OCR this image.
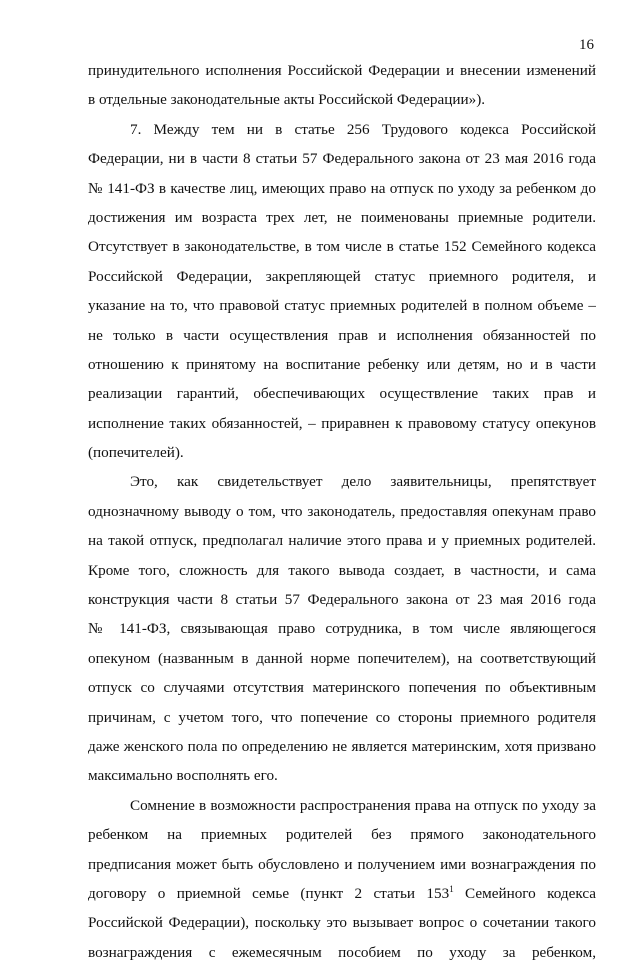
16
принудительного исполнения Российской Федерации и внесении изменений
в отдельные законодательные акты Российской Федерации»).
7. Между тем ни в статье 256 Трудового кодекса Российской
Федерации, ни в части 8 статьи 57 Федерального закона от 23 мая 2016 года
№ 141-ФЗ в качестве лиц, имеющих право на отпуск по уходу за ребенком до
достижения им возраста трех лет, не поименованы приемные родители.
Отсутствует в законодательстве, в том числе в статье 152 Семейного кодекса
Российской Федерации, закрепляющей статус приемного родителя, и
указание на то, что правовой статус приемных родителей в полном объеме –
не только в части осуществления прав и исполнения обязанностей по
отношению к принятому на воспитание ребенку или детям, но и в части
реализации гарантий, обеспечивающих осуществление таких прав и
исполнение таких обязанностей, – приравнен к правовому статусу опекунов
(попечителей).
Это, как свидетельствует дело заявительницы, препятствует
однозначному выводу о том, что законодатель, предоставляя опекунам право
на такой отпуск, предполагал наличие этого права и у приемных родителей.
Кроме того, сложность для такого вывода создает, в частности, и сама
конструкция части 8 статьи 57 Федерального закона от 23 мая 2016 года
№ 141-ФЗ, связывающая право сотрудника, в том числе являющегося
опекуном (названным в данной норме попечителем), на соответствующий
отпуск со случаями отсутствия материнского попечения по объективным
причинам, с учетом того, что попечение со стороны приемного родителя
даже женского пола по определению не является материнским, хотя призвано
максимально восполнять его.
Сомнение в возможности распространения права на отпуск по уходу за
ребенком на приемных родителей без прямого законодательного
предписания может быть обусловлено и получением ими вознаграждения по
договору о приемной семье (пункт 2 статьи $153^1$ Семейного кодекса
Российской Федерации), поскольку это вызывает вопрос о сочетании такого
вознаграждения с ежемесячным пособием по уходу за ребенком,
